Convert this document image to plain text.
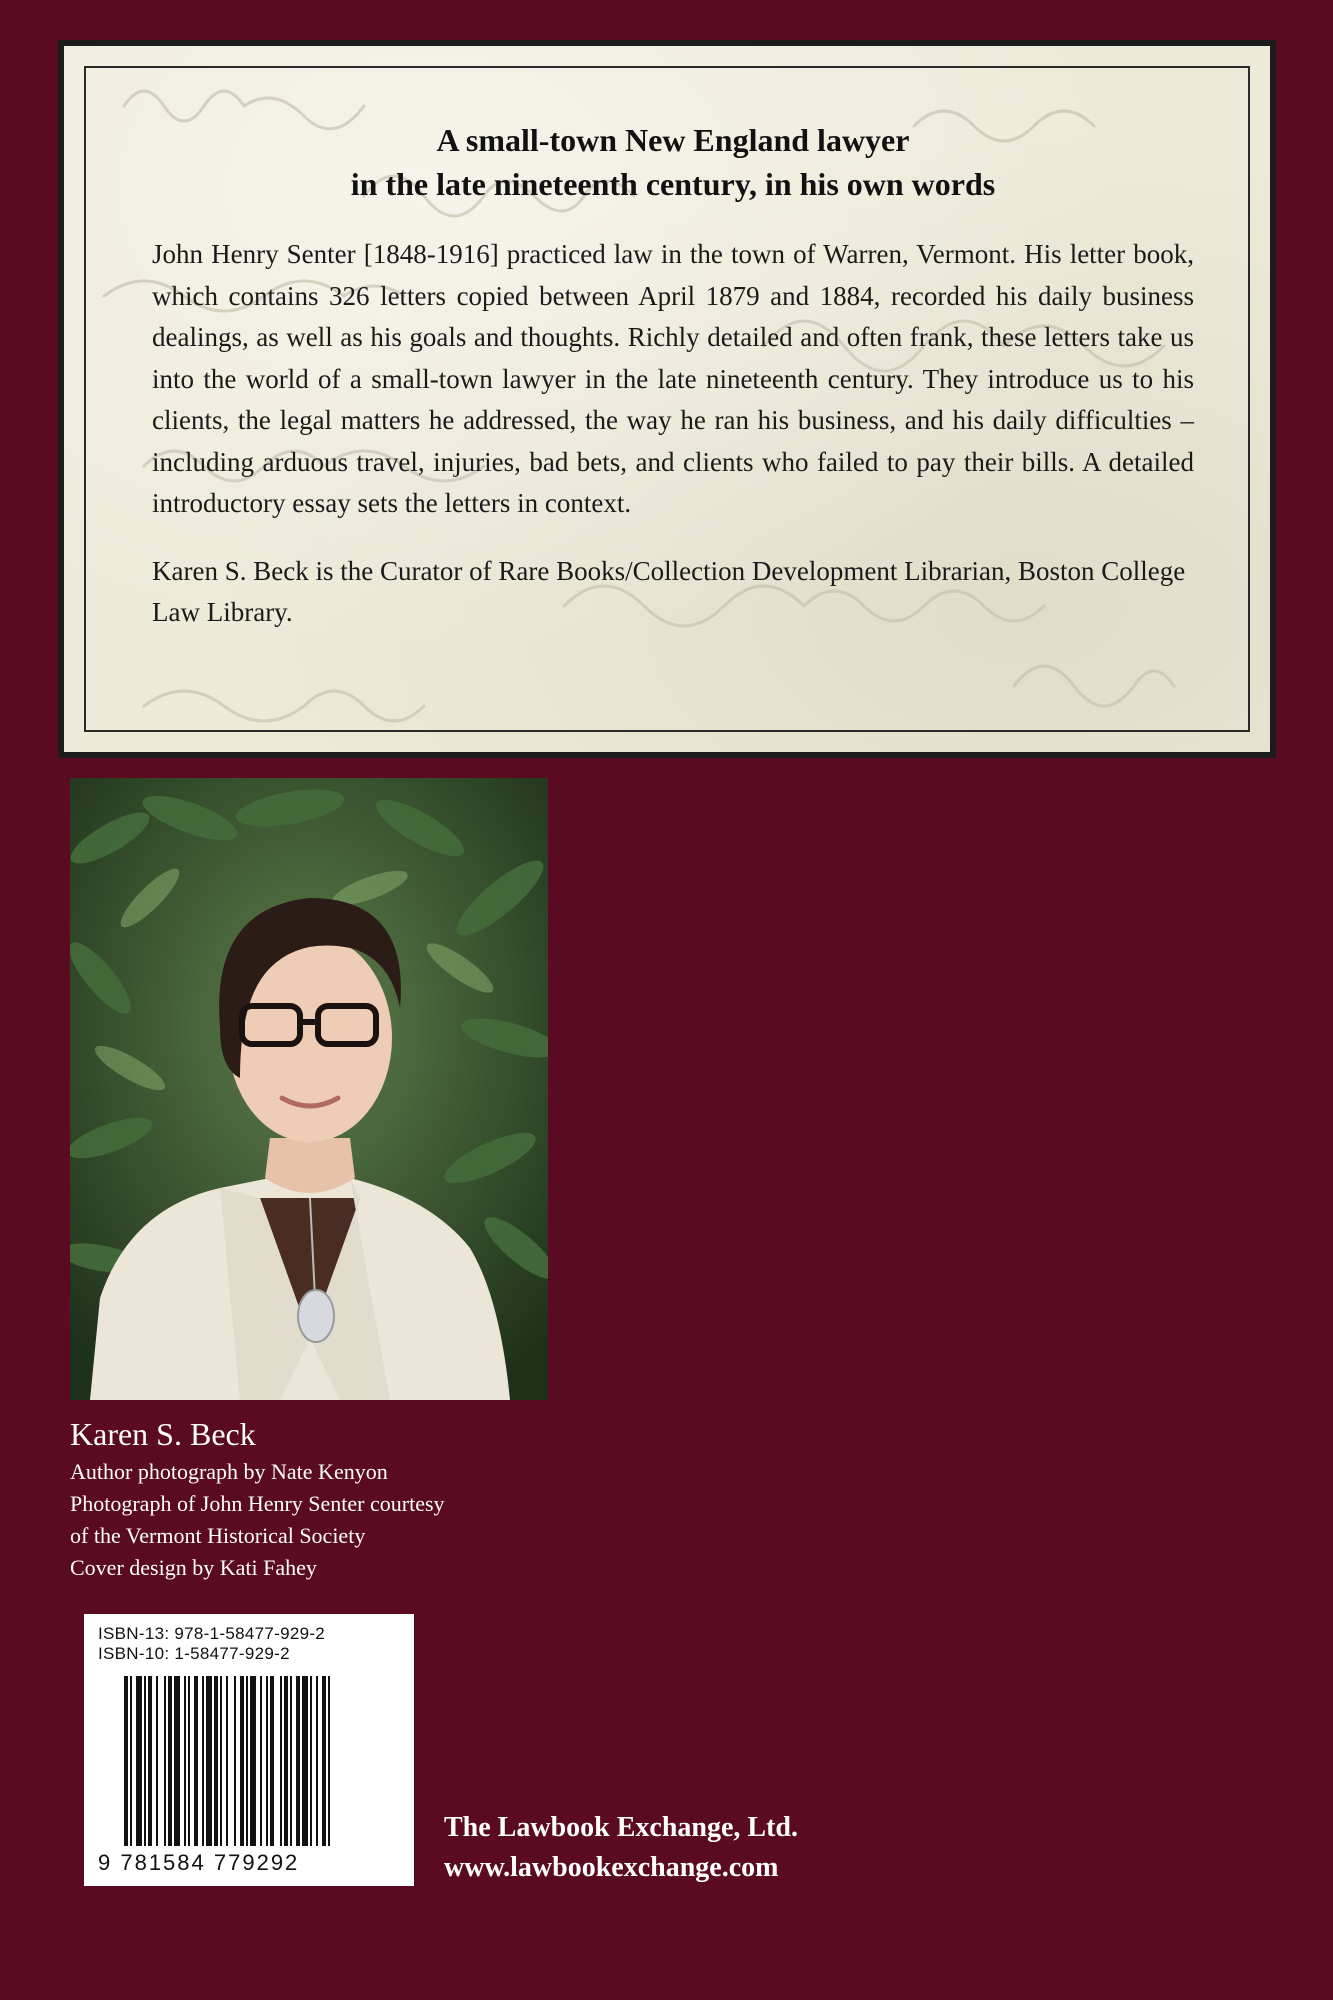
A small-town New England lawyer
in the late nineteenth century, in his own words

John Henry Senter [1848-1916] practiced law in the town of Warren, Vermont. His letter book, which contains 326 letters copied between April 1879 and 1884, recorded his daily business dealings, as well as his goals and thoughts. Richly detailed and often frank, these letters take us into the world of a small-town lawyer in the late nineteenth century. They introduce us to his clients, the legal matters he addressed, the way he ran his business, and his daily difficulties – including arduous travel, injuries, bad bets, and clients who failed to pay their bills. A detailed introductory essay sets the letters in context.

Karen S. Beck is the Curator of Rare Books/Collection Development Librarian, Boston College Law Library.

Karen S. Beck

Author photograph by Nate Kenyon

Photograph of John Henry Senter courtesy

of the Vermont Historical Society

Cover design by Kati Fahey

ISBN-13: 978-1-58477-929-2

ISBN-10: 1-58477-929-2

9 781584 779292
The Lawbook Exchange, Ltd.
www.lawbookexchange.com
